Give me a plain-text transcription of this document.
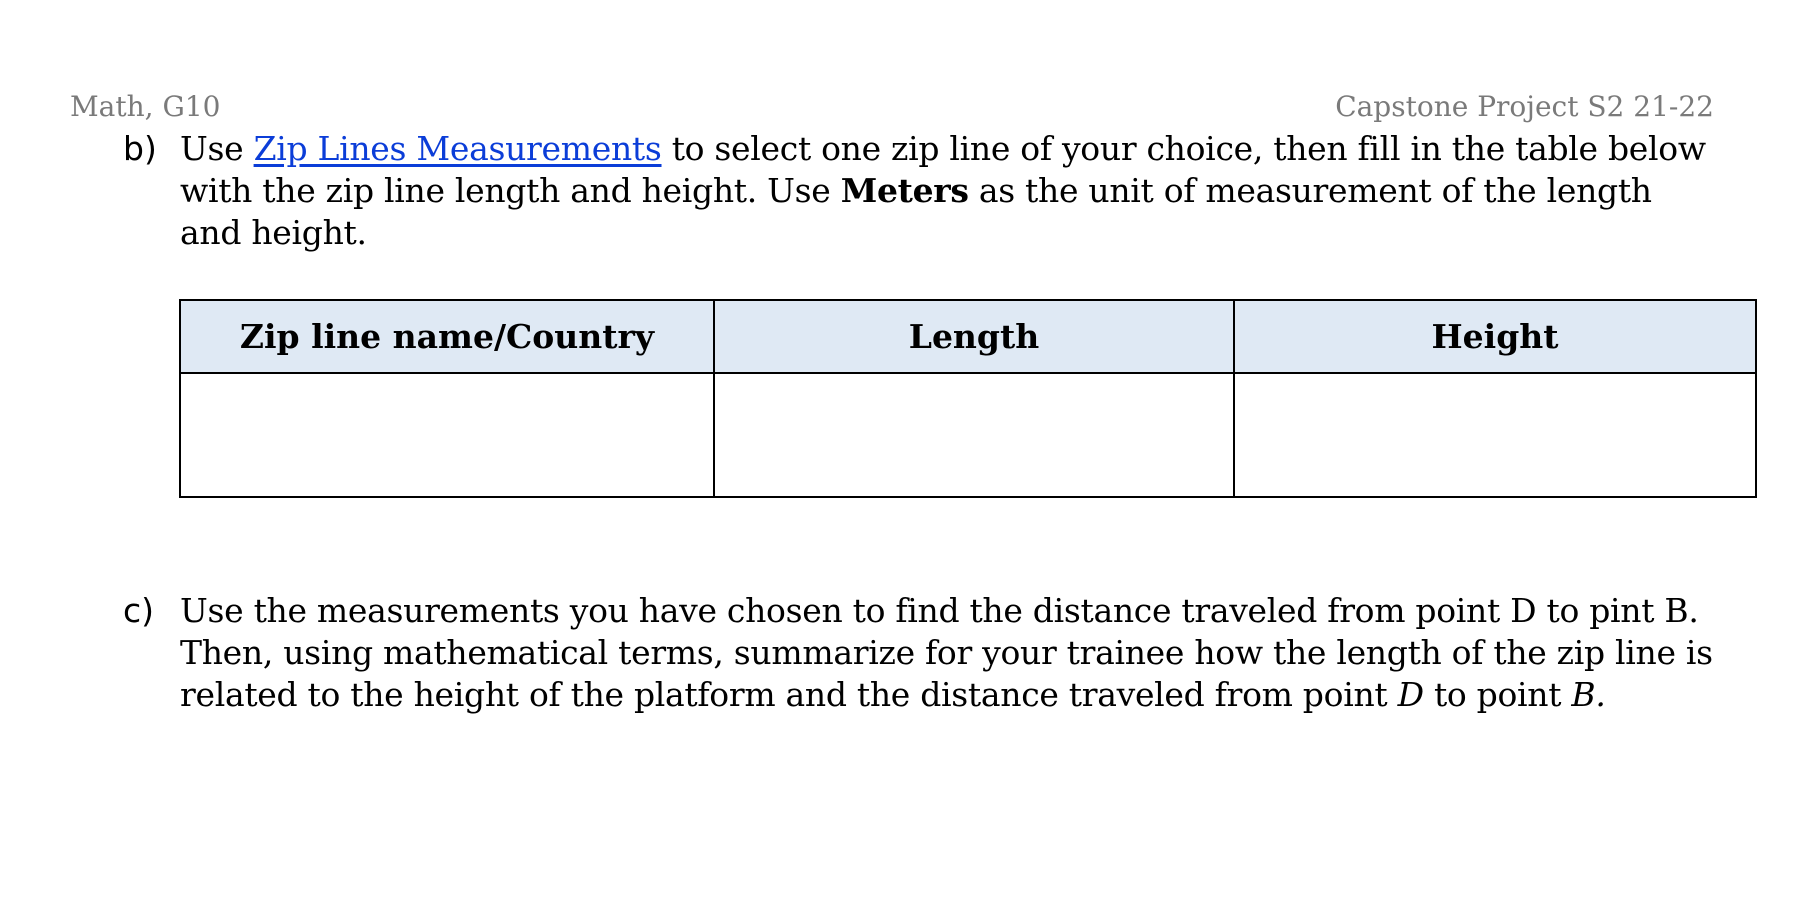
Math, G10	Capstone Project S2 21-22
b) Use Zip Lines Measurements to select one zip line of your choice, then fill in the table below with the zip line length and height. Use Meters as the unit of measurement of the length and height.
Zip line name/Country	Length	Height

c) Use the measurements you have chosen to find the distance traveled from point D to pint B. Then, using mathematical terms, summarize for your trainee how the length of the zip line is related to the height of the platform and the distance traveled from point D to point B.
